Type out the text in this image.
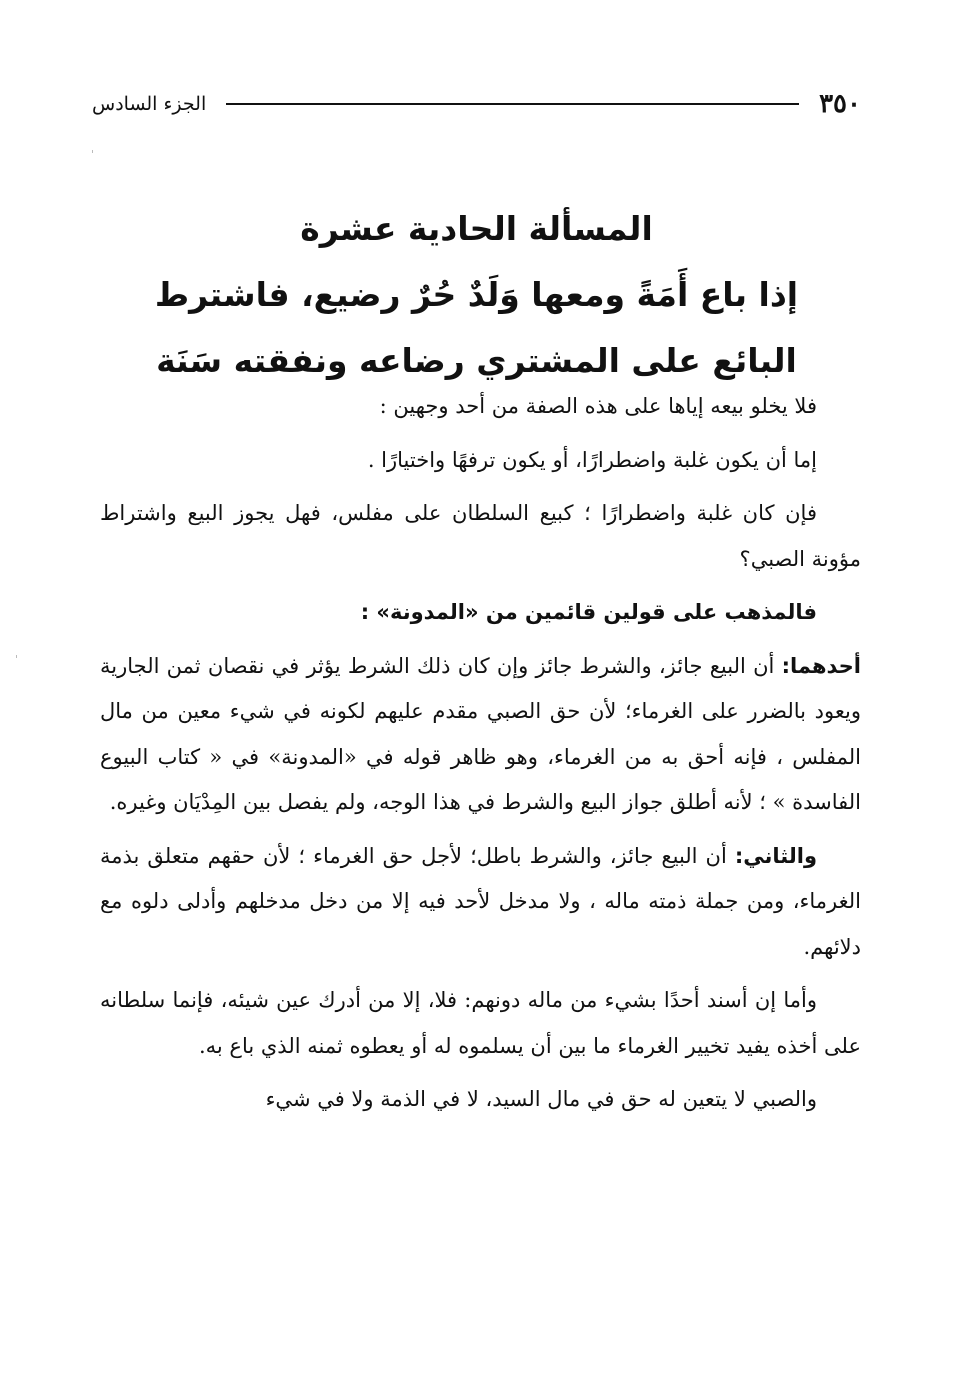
٣٥٠
الجزء السادس
المسألة الحادية عشرة
إذا باع أَمَةً ومعها وَلَدٌ حُرٌ رضيع، فاشترط
البائع على المشتري رضاعه ونفقته سَنَة

فلا يخلو بيعه إياها على هذه الصفة من أحد وجهين :

إما أن يكون غلبة واضطرارًا، أو يكون ترفهًا واختيارًا .

فإن كان غلبة واضطرارًا ؛ كبيع السلطان على مفلس، فهل يجوز البيع واشتراط مؤونة الصبي؟

فالمذهب على قولين قائمين من «المدونة» :

أحدهما: أن البيع جائز، والشرط جائز وإن كان ذلك الشرط يؤثر في نقصان ثمن الجارية ويعود بالضرر على الغرماء؛ لأن حق الصبي مقدم عليهم لكونه في شيء معين من مال المفلس ، فإنه أحق به من الغرماء، وهو ظاهر قوله في «المدونة» في « كتاب البيوع الفاسدة » ؛ لأنه أطلق جواز البيع والشرط في هذا الوجه، ولم يفصل بين المِدْيَان وغيره.

والثاني: أن البيع جائز، والشرط باطل؛ لأجل حق الغرماء ؛ لأن حقهم متعلق بذمة الغرماء، ومن جملة ذمته ماله ، ولا مدخل لأحد فيه إلا من دخل مدخلهم وأدلى دلوه مع دلائهم.

وأما إن أسند أحدًا بشيء من ماله دونهم: فلا، إلا من أدرك عين شيئه، فإنما سلطانه على أخذه يفيد تخيير الغرماء ما بين أن يسلموه له أو يعطوه ثمنه الذي باع به.

والصبي لا يتعين له حق في مال السيد، لا في الذمة ولا في شيء
